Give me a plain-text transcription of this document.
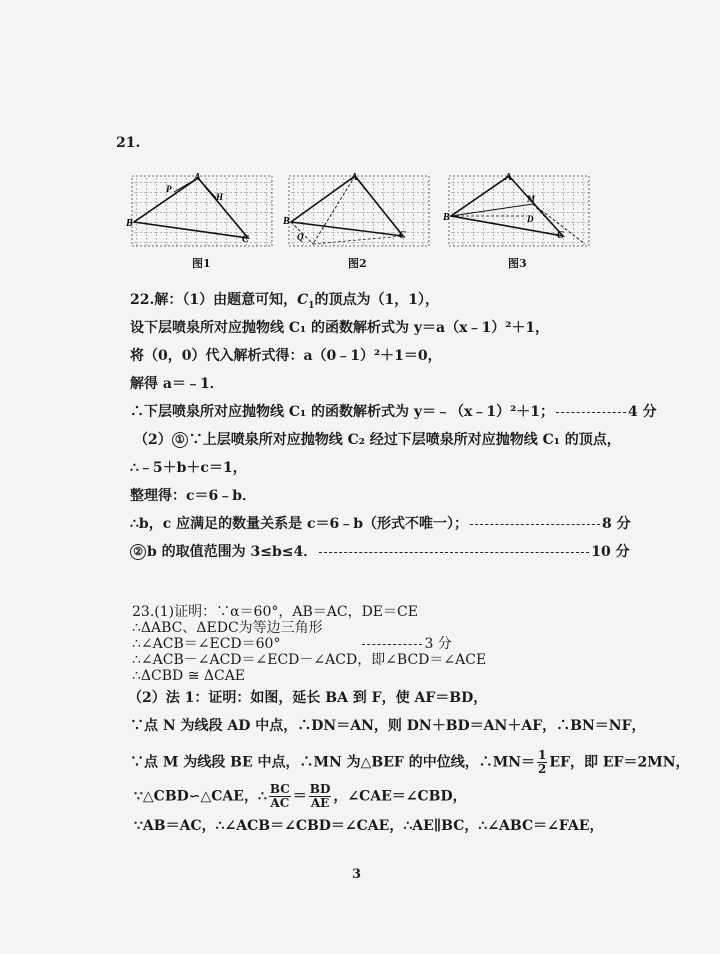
21.
A
B
C
P
H
图1
A
B
C
Q
图2
A
B
C
M
D
图3
22.解：（1）由题意可知，$C_1$的顶点为（1，1），
设下层喷泉所对应抛物线 C₁ 的函数解析式为 y＝a（x﹣1）²＋1，
将（0，0）代入解析式得：a（0﹣1）²＋1＝0，
解得 a＝﹣1．
∴下层喷泉所对应抛物线 C₁ 的函数解析式为 y＝﹣（x﹣1）²＋1；	4 分
（2） ① ∵上层喷泉所对应抛物线 C₂ 经过下层喷泉所对应抛物线 C₁ 的顶点，
∴﹣5＋b＋c＝1，
整理得：c＝6﹣b．
∴b，c 应满足的数量关系是 c＝6﹣b（形式不唯一）；	8 分
② b 的取值范围为 3≤b≤4．	10 分
23.(1)证明：∵α＝60°，AB＝AC，DE＝CE
∴ΔABC、ΔEDC为等边三角形
∴∠ACB＝∠ECD＝60°	3 分
∴∠ACB－∠ACD＝∠ECD－∠ACD，即∠BCD＝∠ACE
∴ΔCBD ≅ ΔCAE
（2）法 1：证明：如图，延长 BA 到 F，使 AF＝BD，
∵点 N 为线段 AD 中点，∴DN＝AN，则 DN＋BD＝AN＋AF，∴BN＝NF，
∵点 M 为线段 BE 中点，∴MN 为△BEF 的中位线，∴MN＝ $\frac{1}{2}$ EF，即 EF＝2MN，
∵△CBD∽△CAE，∴ $\frac{BC}{AC} = \frac{BD}{AE}$ ，∠CAE＝∠CBD，
∵AB＝AC，∴∠ACB＝∠CBD＝∠CAE，∴AE∥BC，∴∠ABC＝∠FAE，
3
